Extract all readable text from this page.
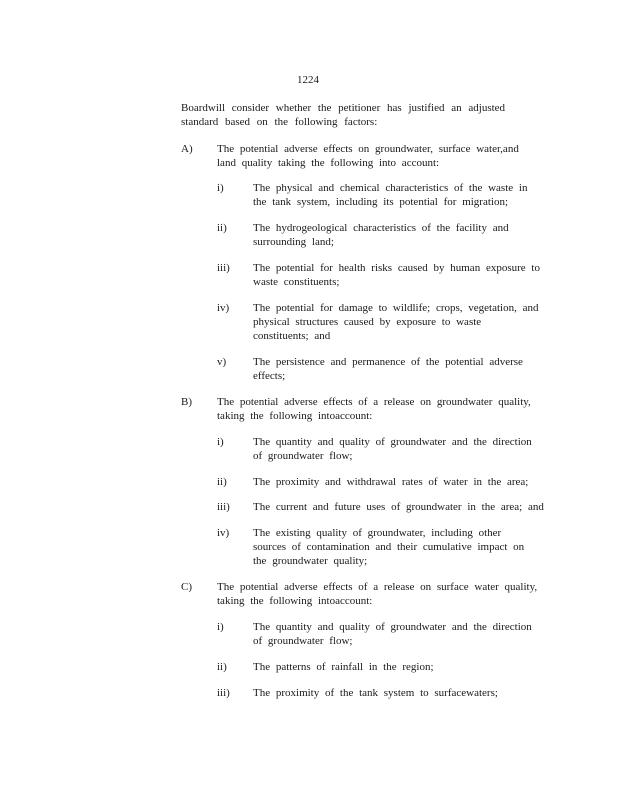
1224

Boardwill consider whether the petitioner has justified an adjusted

standard based on the following factors:

A) The potential adverse effects on groundwater, surface water,and
land quality taking the following into account:
i)	The physical and chemical characteristics of the waste in
the tank system, including its potential for migration;
ii) The hydrogeological characteristics of the facility and
surrounding land;
iii) The potential for health risks caused by human exposure to
waste constituents;
iv) The potential for damage to wildlife; crops, vegetation, and
physical structures caused by exposure to waste
constituents; and
v) The persistence and permanence of the potential adverse
effects;
B) The potential adverse effects of a release on groundwater quality,
taking the following intoaccount:
i)	The quantity and quality of groundwater and the direction
of groundwater flow;
ii) The proximity and withdrawal rates of water in the area;
iii) The current and future uses of groundwater in the area; and
iv) The existing quality of groundwater, including other
sources of contamination and their cumulative impact on
the groundwater quality;
C) The potential adverse effects of a release on surface water quality,
taking the following intoaccount:
i)	The quantity and quality of groundwater and the direction
of groundwater flow;
ii) The patterns of rainfall in the region;
iii) The proximity of the tank system to surfacewaters;
